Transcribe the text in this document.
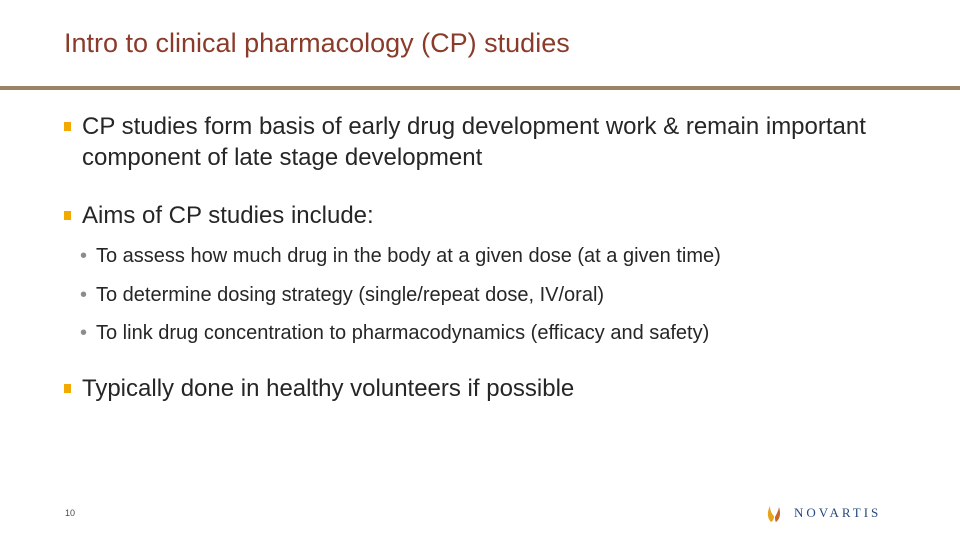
Intro to clinical pharmacology (CP) studies
CP studies form basis of early drug development work & remain important component of late stage development
Aims of CP studies include:
• To assess how much drug in the body at a given dose (at a given time)
• To determine dosing strategy (single/repeat dose, IV/oral)
• To link drug concentration to pharmacodynamics (efficacy and safety)
Typically done in healthy volunteers if possible
10	NOVARTIS
